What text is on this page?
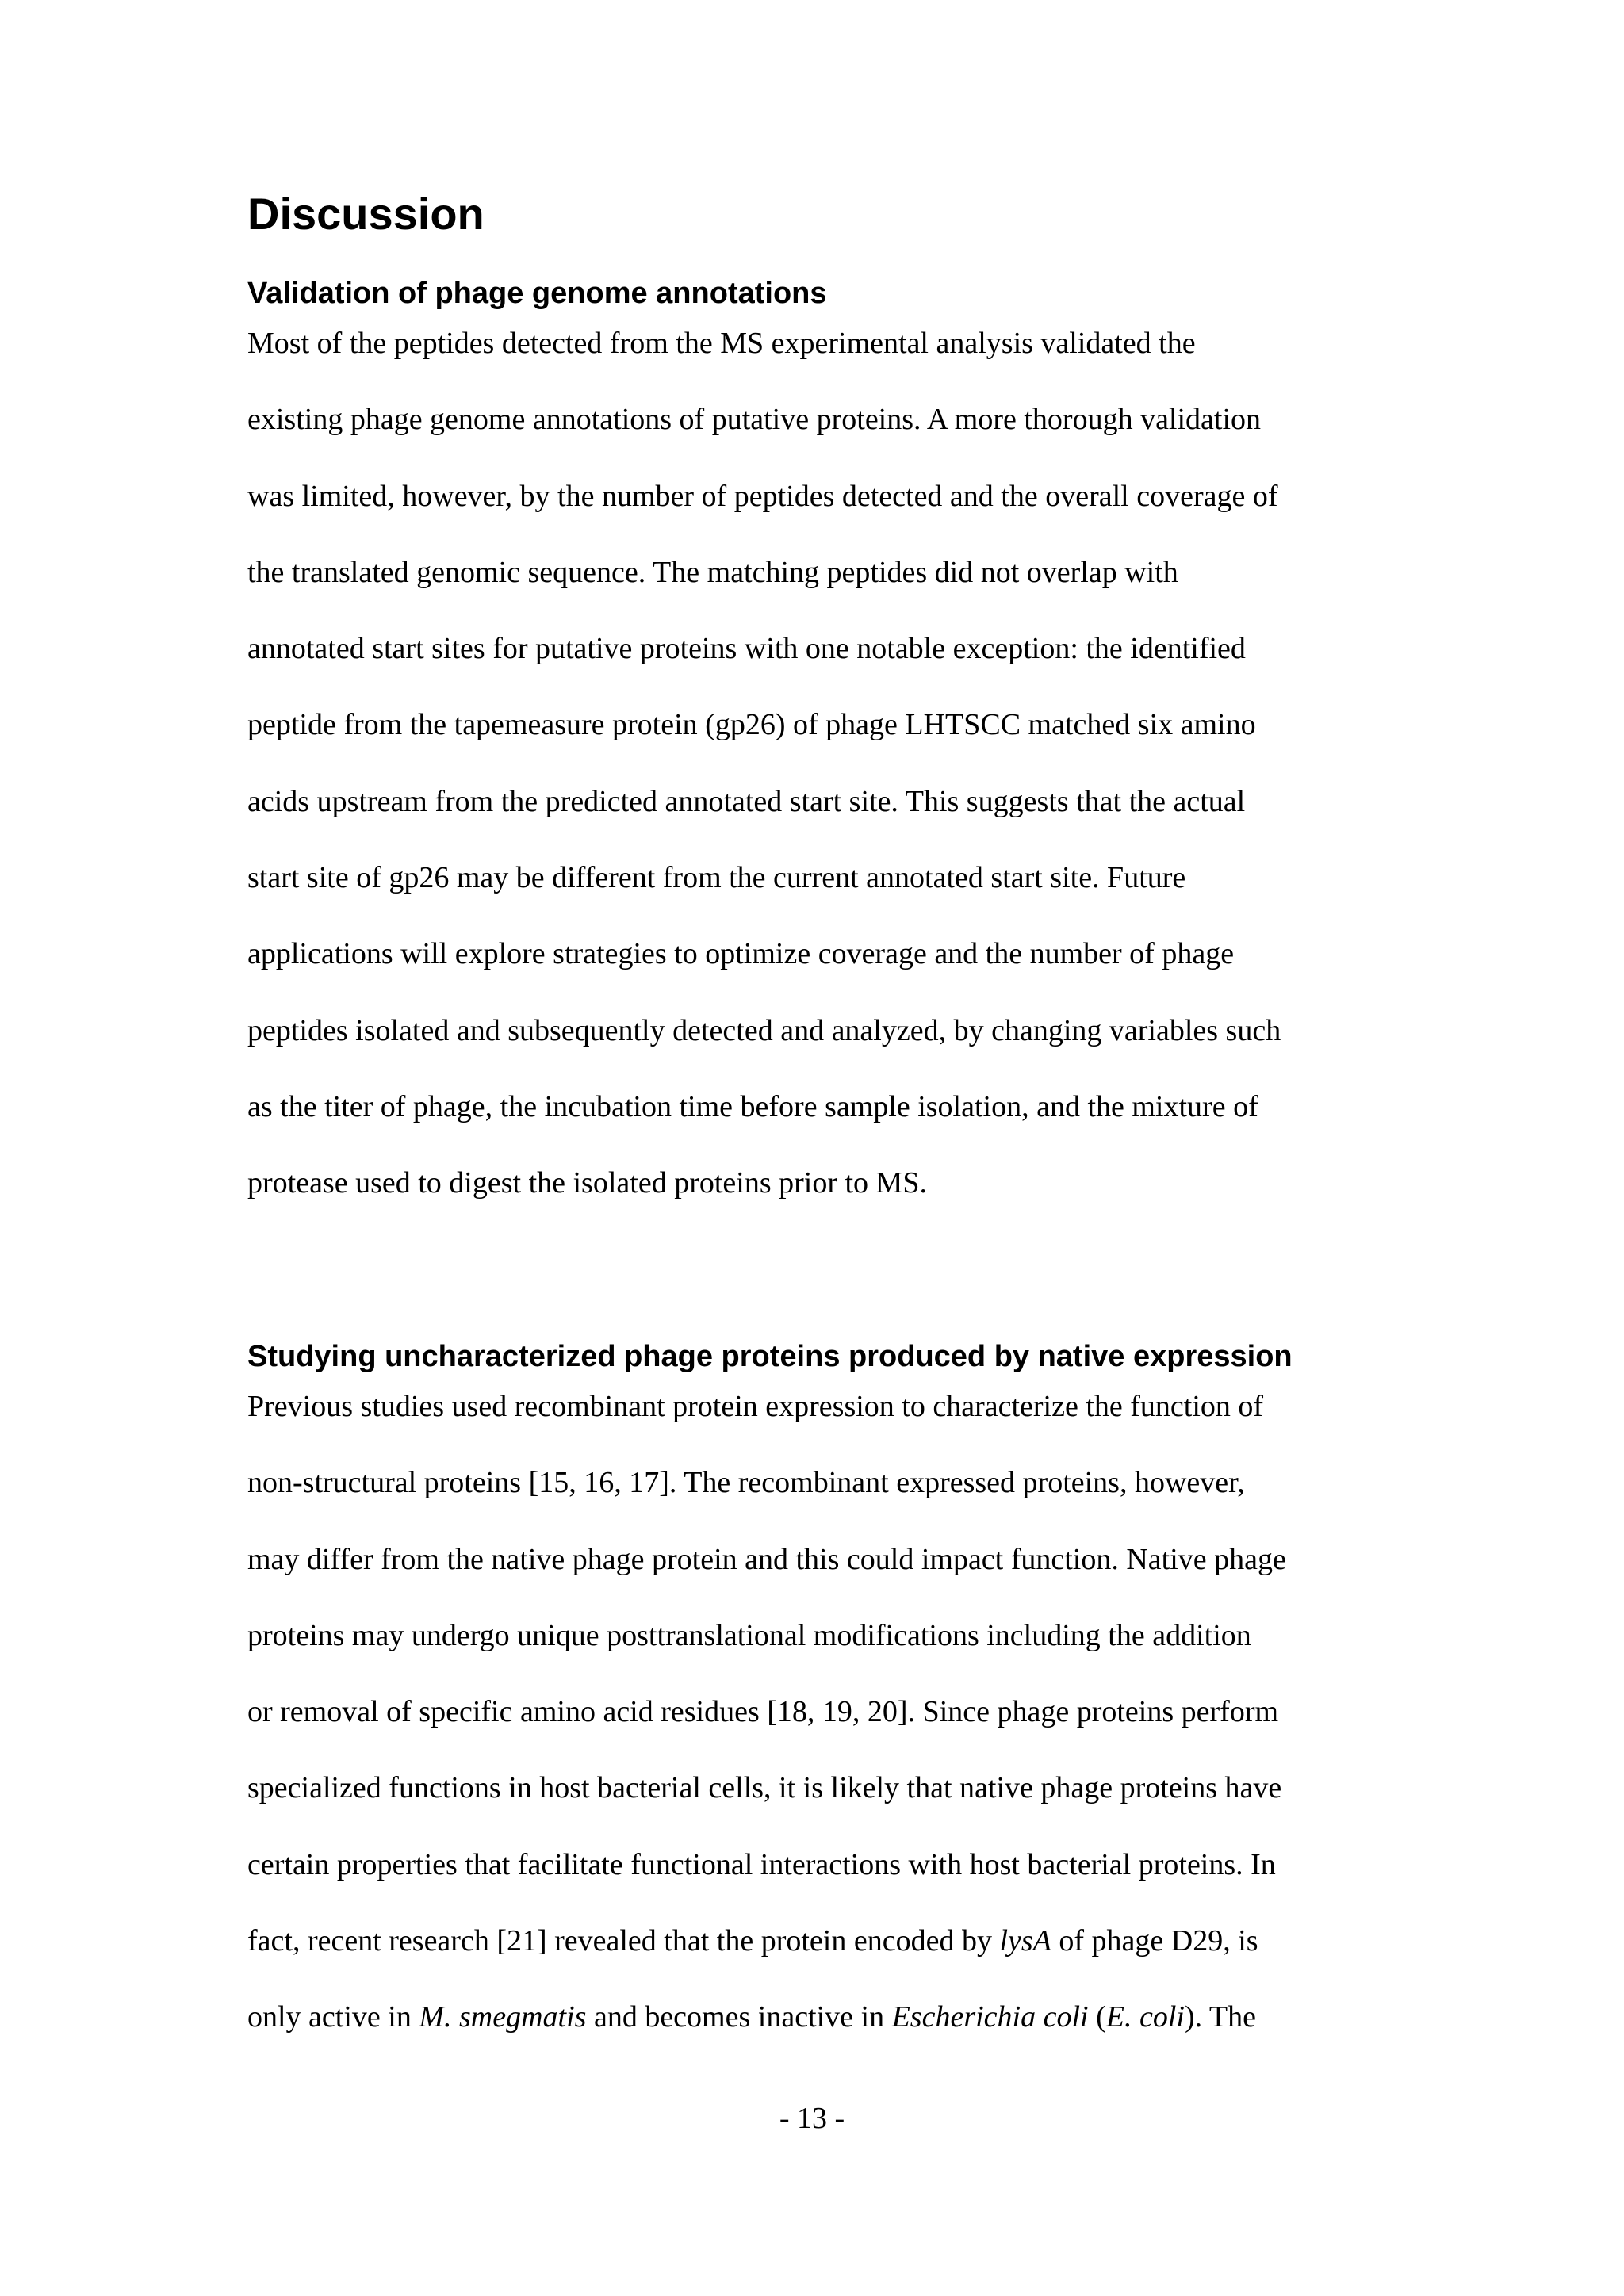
Discussion
Validation of phage genome annotations

Most of the peptides detected from the MS experimental analysis validated the
existing phage genome annotations of putative proteins. A more thorough validation
was limited, however, by the number of peptides detected and the overall coverage of
the translated genomic sequence. The matching peptides did not overlap with
annotated start sites for putative proteins with one notable exception: the identified
peptide from the tapemeasure protein (gp26) of phage LHTSCC matched six amino
acids upstream from the predicted annotated start site. This suggests that the actual
start site of gp26 may be different from the current annotated start site. Future
applications will explore strategies to optimize coverage and the number of phage
peptides isolated and subsequently detected and analyzed, by changing variables such
as the titer of phage, the incubation time before sample isolation, and the mixture of
protease used to digest the isolated proteins prior to MS.

Studying uncharacterized phage proteins produced by native expression

Previous studies used recombinant protein expression to characterize the function of
non-structural proteins [15, 16, 17]. The recombinant expressed proteins, however,
may differ from the native phage protein and this could impact function. Native phage
proteins may undergo unique posttranslational modifications including the addition
or removal of specific amino acid residues [18, 19, 20]. Since phage proteins perform
specialized functions in host bacterial cells, it is likely that native phage proteins have
certain properties that facilitate functional interactions with host bacterial proteins. In
fact, recent research [21] revealed that the protein encoded by lysA of phage D29, is
only active in M. smegmatis and becomes inactive in Escherichia coli (E. coli). The

- 13 -
